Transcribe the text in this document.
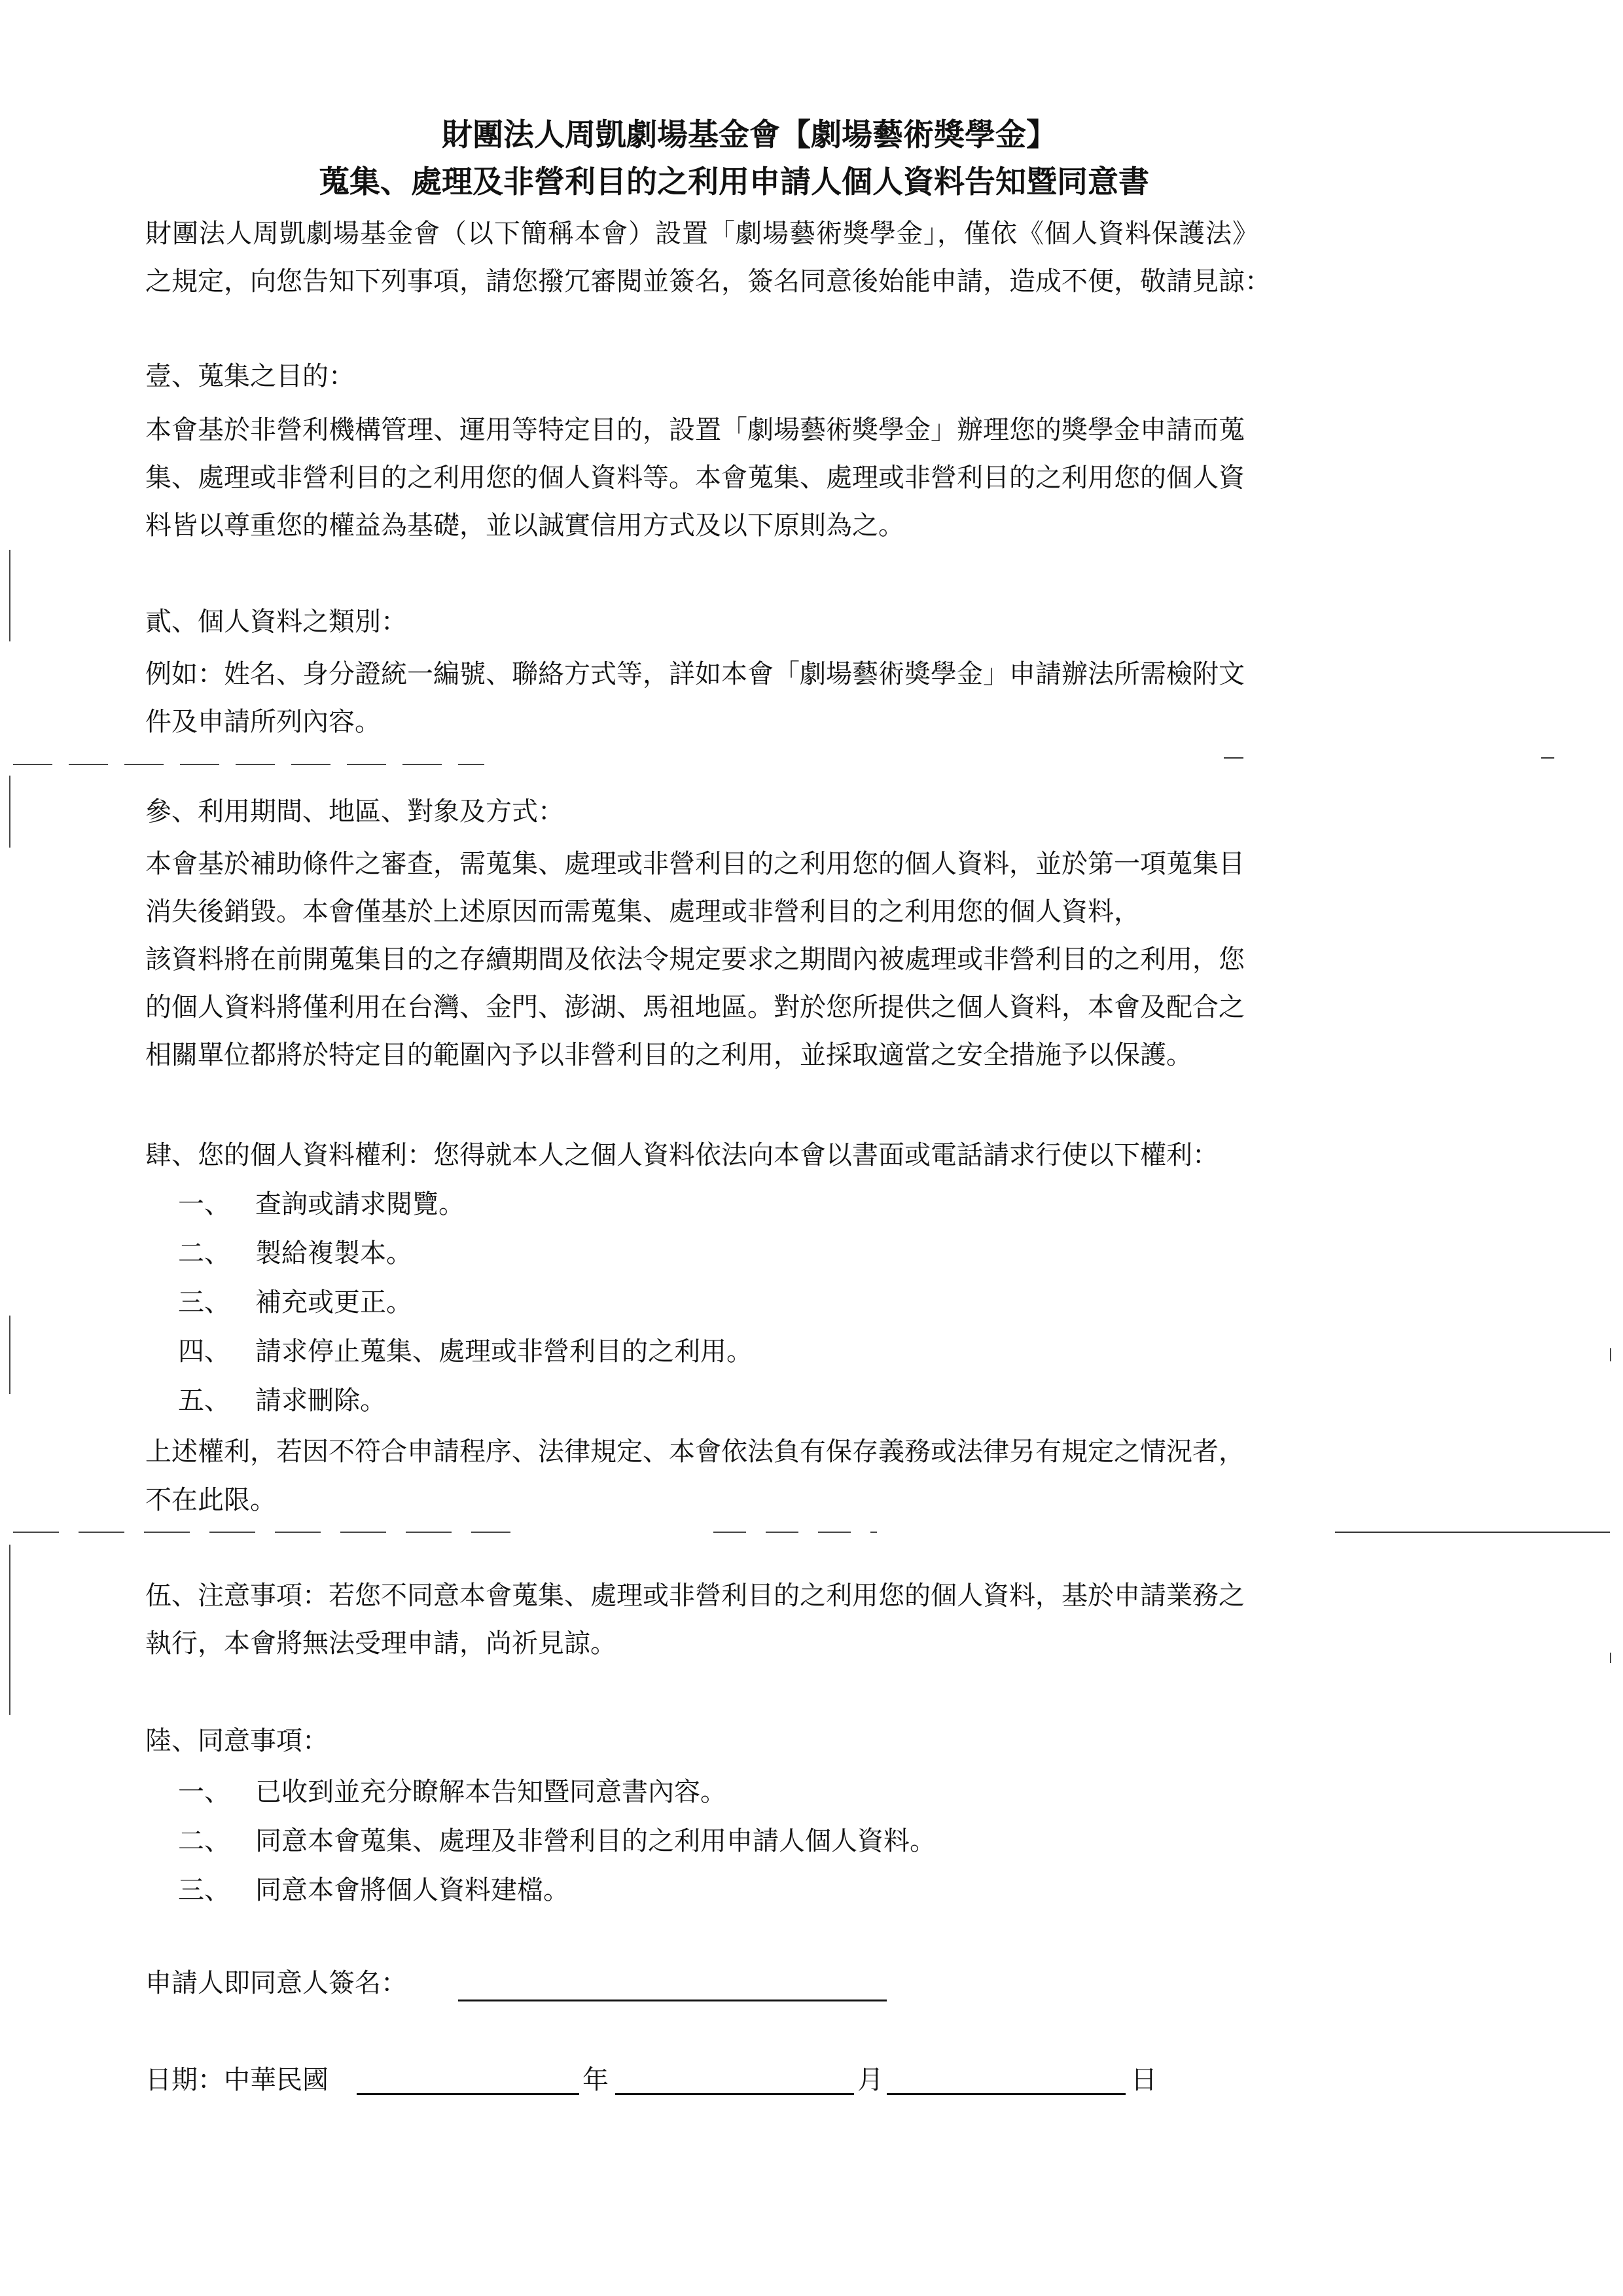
財團法人周凱劇場基金會【劇場藝術獎學金】
蒐集、處理及非營利目的之利用申請人個人資料告知暨同意書
財團法人周凱劇場基金會（以下簡稱本會）設置「劇場藝術獎學金」，僅依《個人資料保護法》
之規定，向您告知下列事項，請您撥冗審閱並簽名，簽名同意後始能申請，造成不便，敬請見諒：
壹、蒐集之目的：
本會基於非營利機構管理、運用等特定目的，設置「劇場藝術獎學金」辦理您的獎學金申請而蒐
集、處理或非營利目的之利用您的個人資料等。本會蒐集、處理或非營利目的之利用您的個人資
料皆以尊重您的權益為基礎，並以誠實信用方式及以下原則為之。
貳、個人資料之類別：
例如：姓名、身分證統一編號、聯絡方式等，詳如本會「劇場藝術獎學金」申請辦法所需檢附文
件及申請所列內容。
參、利用期間、地區、對象及方式：
本會基於補助條件之審查，需蒐集、處理或非營利目的之利用您的個人資料，並於第一項蒐集目
消失後銷毀。本會僅基於上述原因而需蒐集、處理或非營利目的之利用您的個人資料，
該資料將在前開蒐集目的之存續期間及依法令規定要求之期間內被處理或非營利目的之利用，您
的個人資料將僅利用在台灣、金門、澎湖、馬祖地區。對於您所提供之個人資料，本會及配合之
相關單位都將於特定目的範圍內予以非營利目的之利用，並採取適當之安全措施予以保護。
肆、您的個人資料權利：您得就本人之個人資料依法向本會以書面或電話請求行使以下權利：
一、 查詢或請求閱覽。
二、 製給複製本。
三、 補充或更正。
四、 請求停止蒐集、處理或非營利目的之利用。
五、 請求刪除。
上述權利，若因不符合申請程序、法律規定、本會依法負有保存義務或法律另有規定之情況者，
不在此限。
伍、注意事項：若您不同意本會蒐集、處理或非營利目的之利用您的個人資料，基於申請業務之
執行，本會將無法受理申請，尚祈見諒。
陸、同意事項：
一、 已收到並充分瞭解本告知暨同意書內容。
二、 同意本會蒐集、處理及非營利目的之利用申請人個人資料。
三、 同意本會將個人資料建檔。
申請人即同意人簽名：
日期：中華民國	年	月	日
